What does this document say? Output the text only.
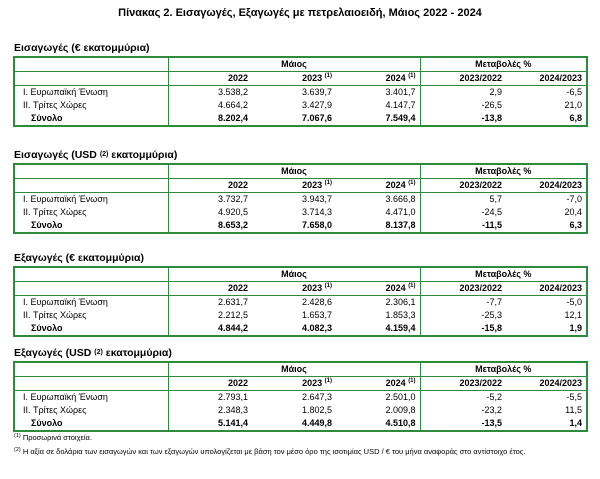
Πίνακας 2. Εισαγωγές, Εξαγωγές με πετρελαιοειδή, Μάιος 2022 - 2024
Εισαγωγές (€ εκατομμύρια)
	Μάιος			Μεταβολές %	
	2022	2023 $^{(1)}$	2024 $^{(1)}$	2023/2022	2024/2023
I. Ευρωπαϊκή Ένωση	3.538,2	3.639,7	3.401,7	2,9	-6,5
II. Τρίτες Χώρες	4.664,2	3.427,9	4.147,7	-26,5	21,0
Σύνολο	8.202,4	7.067,6	7.549,4	-13,8	6,8
Εισαγωγές (USD $^{(2)}$ εκατομμύρια)
	Μάιος			Μεταβολές %	
	2022	2023 $^{(1)}$	2024 $^{(1)}$	2023/2022	2024/2023
I. Ευρωπαϊκή Ένωση	3.732,7	3.943,7	3.666,8	5,7	-7,0
II. Τρίτες Χώρες	4.920,5	3.714,3	4.471,0	-24,5	20,4
Σύνολο	8.653,2	7.658,0	8.137,8	-11,5	6,3
Εξαγωγές (€ εκατομμύρια)
	Μάιος			Μεταβολές %	
	2022	2023 $^{(1)}$	2024 $^{(1)}$	2023/2022	2024/2023
I. Ευρωπαϊκή Ένωση	2.631,7	2.428,6	2.306,1	-7,7	-5,0
II. Τρίτες Χώρες	2.212,5	1.653,7	1.853,3	-25,3	12,1
Σύνολο	4.844,2	4.082,3	4.159,4	-15,8	1,9
Εξαγωγές (USD $^{(2)}$ εκατομμύρια)
	Μάιος			Μεταβολές %	
	2022	2023 $^{(1)}$	2024 $^{(1)}$	2023/2022	2024/2023
I. Ευρωπαϊκή Ένωση	2.793,1	2.647,3	2.501,0	-5,2	-5,5
II. Τρίτες Χώρες	2.348,3	1.802,5	2.009,8	-23,2	11,5
Σύνολο	5.141,4	4.449,8	4.510,8	-13,5	1,4
$^{(1)}$ Προσωρινά στοιχεία.
$^{(2)}$ Η αξία σε δολάρια των εισαγωγών και των εξαγωγών υπολογίζεται με βάση τον μέσο όρο της ισοτιμίας USD / € του μήνα αναφοράς στο αντίστοιχο έτος.
